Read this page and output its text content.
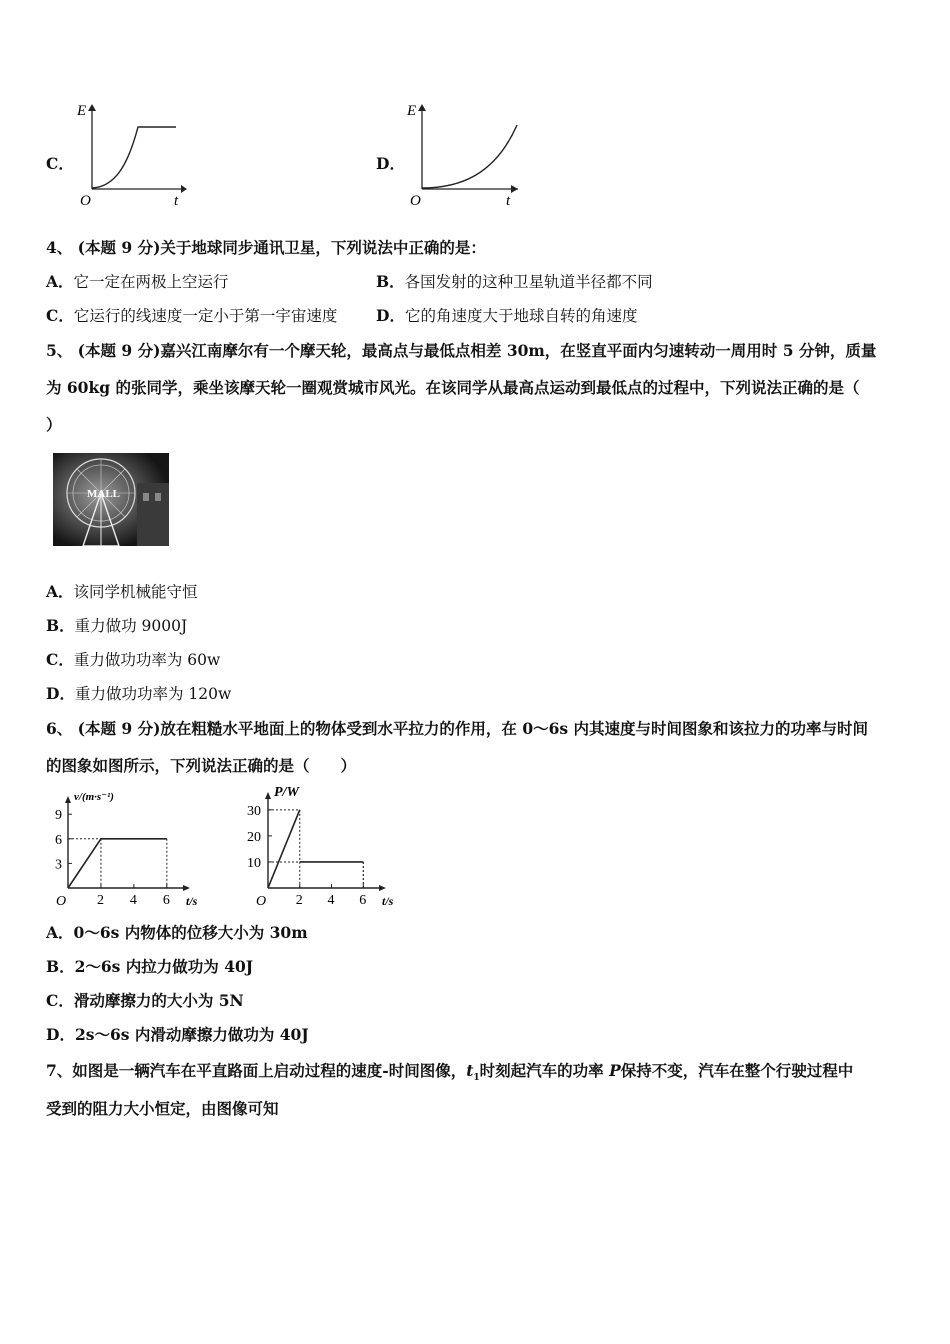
C．
E
t
O
D．
E
t
O
4、 (本题 9 分)关于地球同步通讯卫星，下列说法中正确的是：
A．它一定在两极上空运行	B．各国发射的这种卫星轨道半径都不同
C．它运行的线速度一定小于第一宇宙速度 D．它的角速度大于地球自转的角速度
5、 (本题 9 分)嘉兴江南摩尔有一个摩天轮，最高点与最低点相差 30m，在竖直平面内匀速转动一周用时 5 分钟，质量
为 60kg 的张同学，乘坐该摩天轮一圈观赏城市风光。在该同学从最高点运动到最低点的过程中，下列说法正确的是（
）
MALL
A．该同学机械能守恒
B．重力做功 9000J
C．重力做功功率为 60w
D．重力做功功率为 120w
6、 (本题 9 分)放在粗糙水平地面上的物体受到水平拉力的作用，在 0～6s 内其速度与时间图象和该拉力的功率与时间
的图象如图所示，下列说法正确的是（　　）
2 4 6
3
6
9
O	t/s
v/(m·s⁻¹)
2 4 6
10
20
30
O	t/s
P/W
A．0～6s 内物体的位移大小为 30m
B．2～6s 内拉力做功为 40J
C．滑动摩擦力的大小为 5N
D．2s～6s 内滑动摩擦力做功为 40J
7、如图是一辆汽车在平直路面上启动过程的速度-时间图像，$t_1$时刻起汽车的功率 P保持不变，汽车在整个行驶过程中
受到的阻力大小恒定，由图像可知
